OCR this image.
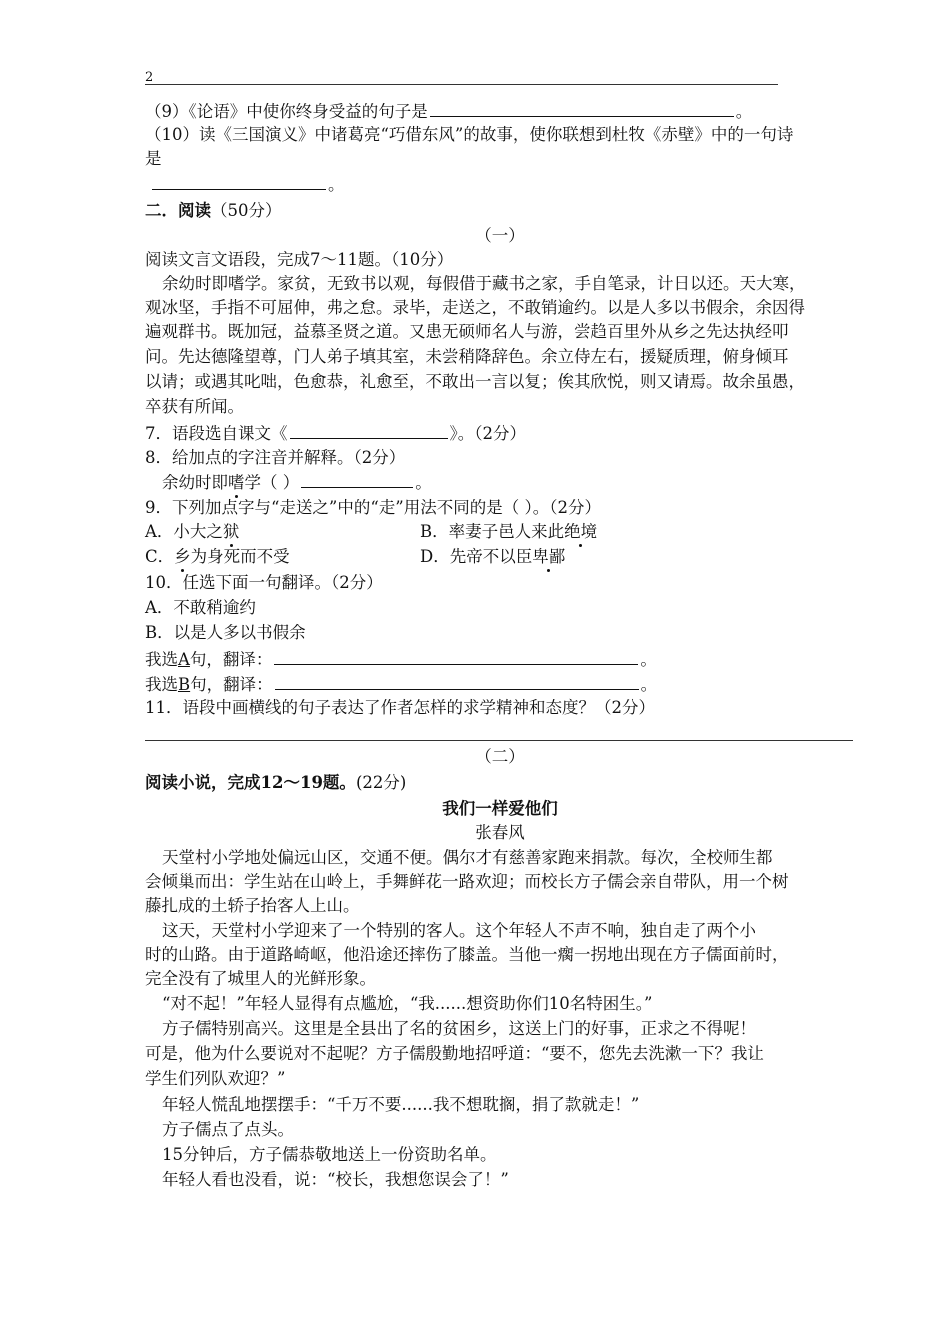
2
（9）《论语》中使你终身受益的句子是	。
（10）读《三国演义》中诸葛亮“巧借东风”的故事，使你联想到杜牧《赤壁》中的一句诗
是
。
二．阅读（50分）
（一）
阅读文言文语段，完成7～11题。（10分）
余幼时即嗜学。家贫，无致书以观，每假借于藏书之家，手自笔录，计日以还。天大寒，
观冰坚，手指不可屈伸，弗之怠。录毕，走送之，不敢销逾约。以是人多以书假余，余因得
遍观群书。既加冠，益慕圣贤之道。又患无硕师名人与游，尝趋百里外从乡之先达执经叩
问。先达德隆望尊，门人弟子填其室，未尝稍降辞色。余立侍左右，援疑质理，俯身倾耳
以请；或遇其叱咄，色愈恭，礼愈至，不敢出一言以复；俟其欣悦，则又请焉。故余虽愚，
卒获有所闻。
7．语段选自课文《	》。（2分）
8．给加点的字注音并解释。（2分）
余幼时即嗜学（ ）	。
9．下列加点字与“走送之”中的“走”用法不同的是（ ）。（2分）
A．小大之狱	B．率妻子邑人来此绝境
C．乡为身死而不受	D．先帝不以臣卑鄙
10．任选下面一句翻译。（2分）
A．不敢稍逾约
B．以是人多以书假余
我选A句，翻译：	。
我选B句，翻译：	。
11．语段中画横线的句子表达了作者怎样的求学精神和态度？（2分）
（二）
阅读小说，完成12～19题。(22分)
我们一样爱他们
张春风
天堂村小学地处偏远山区，交通不便。偶尔才有慈善家跑来捐款。每次，全校师生都
会倾巢而出：学生站在山岭上，手舞鲜花一路欢迎；而校长方子儒会亲自带队，用一个树
藤扎成的土轿子抬客人上山。
这天，天堂村小学迎来了一个特别的客人。这个年轻人不声不响，独自走了两个小
时的山路。由于道路崎岖，他沿途还摔伤了膝盖。当他一瘸一拐地出现在方子儒面前时，
完全没有了城里人的光鲜形象。
“对不起！”年轻人显得有点尴尬，“我......想资助你们10名特困生。”
方子儒特别高兴。这里是全县出了名的贫困乡，这送上门的好事，正求之不得呢！
可是，他为什么要说对不起呢？方子儒殷勤地招呼道：“要不，您先去洗漱一下？我让
学生们列队欢迎？”
年轻人慌乱地摆摆手：“千万不要......我不想耽搁，捐了款就走！”
方子儒点了点头。
15分钟后，方子儒恭敬地送上一份资助名单。
年轻人看也没看，说：“校长，我想您误会了！”
